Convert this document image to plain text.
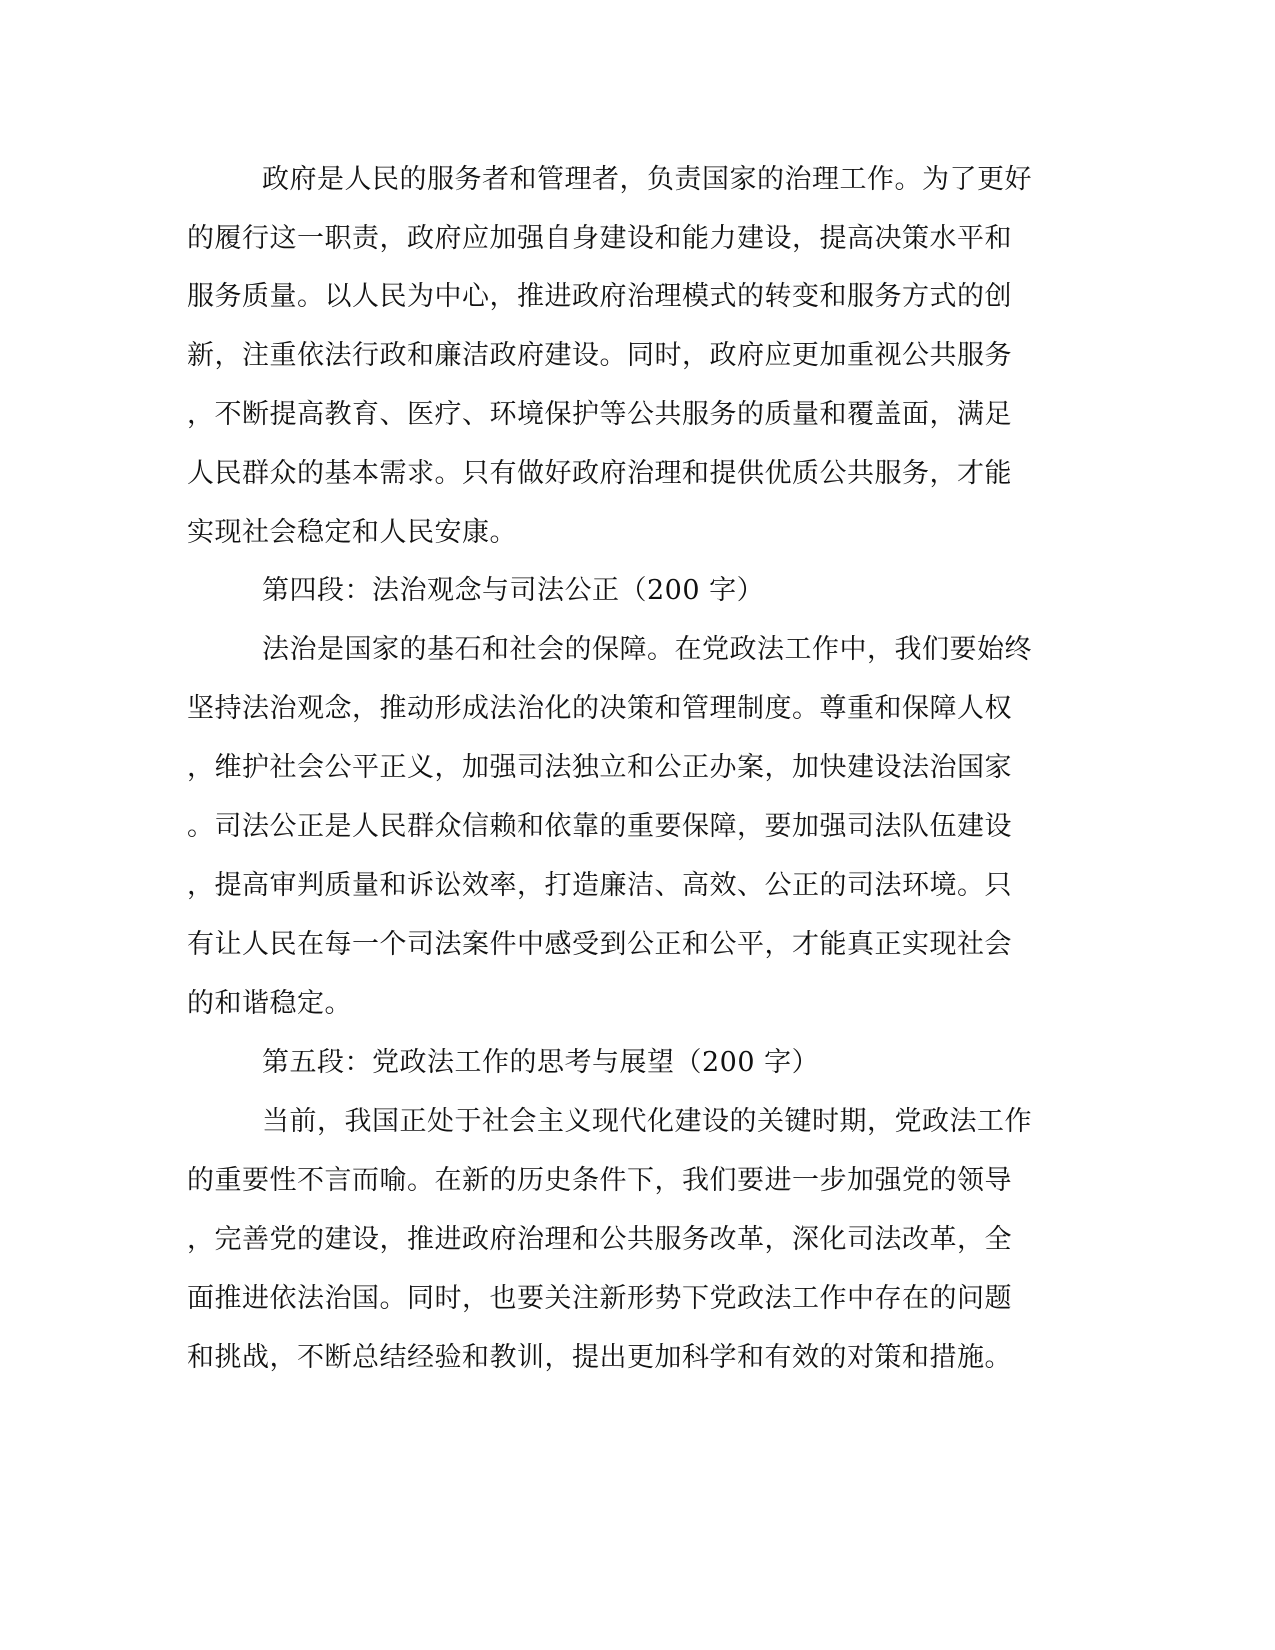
政府是人民的服务者和管理者，负责国家的治理工作。为了更好
的履行这一职责，政府应加强自身建设和能力建设，提高决策水平和
服务质量。以人民为中心，推进政府治理模式的转变和服务方式的创
新，注重依法行政和廉洁政府建设。同时，政府应更加重视公共服务
，不断提高教育、医疗、环境保护等公共服务的质量和覆盖面，满足
人民群众的基本需求。只有做好政府治理和提供优质公共服务，才能
实现社会稳定和人民安康。
第四段：法治观念与司法公正（200 字）
法治是国家的基石和社会的保障。在党政法工作中，我们要始终
坚持法治观念，推动形成法治化的决策和管理制度。尊重和保障人权
，维护社会公平正义，加强司法独立和公正办案，加快建设法治国家
。司法公正是人民群众信赖和依靠的重要保障，要加强司法队伍建设
，提高审判质量和诉讼效率，打造廉洁、高效、公正的司法环境。只
有让人民在每一个司法案件中感受到公正和公平，才能真正实现社会
的和谐稳定。
第五段：党政法工作的思考与展望（200 字）
当前，我国正处于社会主义现代化建设的关键时期，党政法工作
的重要性不言而喻。在新的历史条件下，我们要进一步加强党的领导
，完善党的建设，推进政府治理和公共服务改革，深化司法改革，全
面推进依法治国。同时，也要关注新形势下党政法工作中存在的问题
和挑战，不断总结经验和教训，提出更加科学和有效的对策和措施。
